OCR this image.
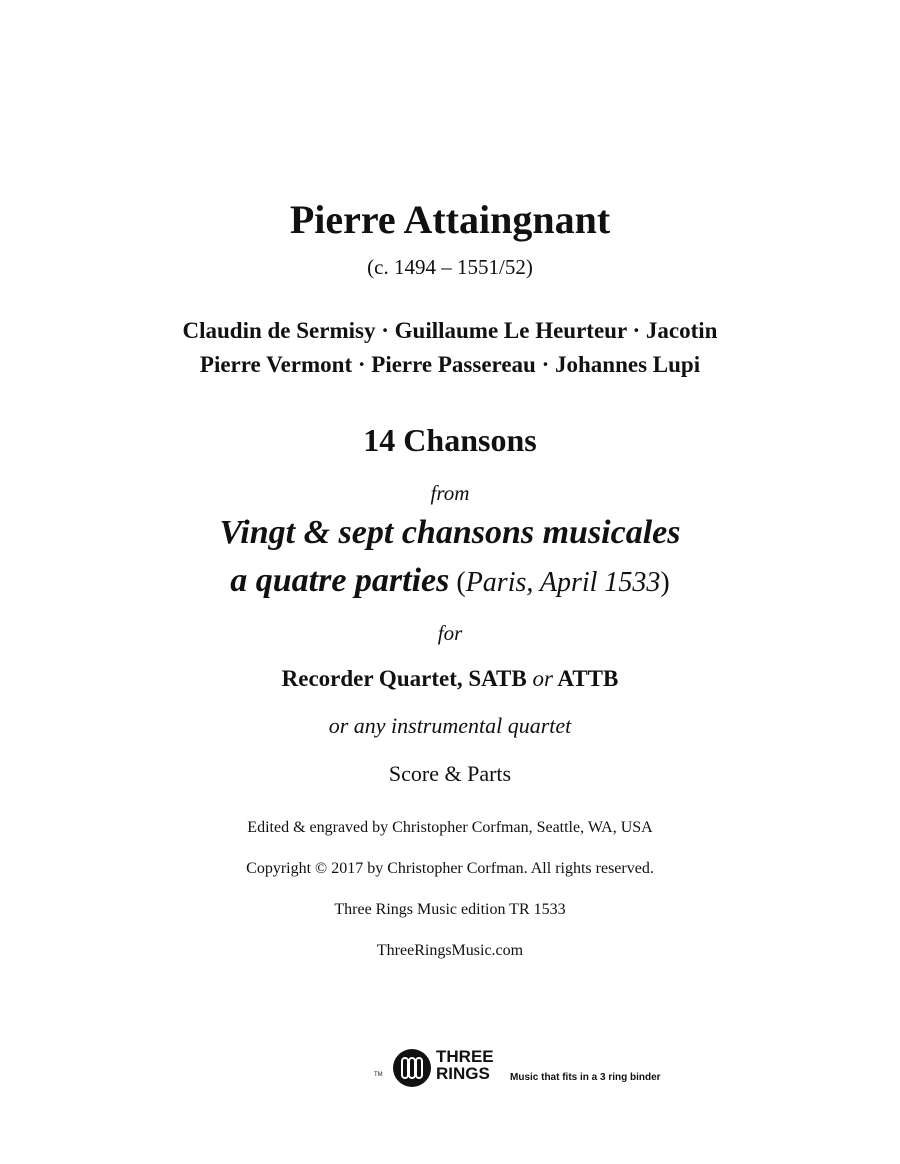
Pierre Attaingnant
(c. 1494 – 1551/52)
Claudin de Sermisy · Guillaume Le Heurteur · Jacotin
Pierre Vermont · Pierre Passereau · Johannes Lupi
14 Chansons
from
Vingt & sept chansons musicales
a quatre parties (Paris, April 1533)
for
Recorder Quartet, SATB or ATTB
or any instrumental quartet
Score & Parts
Edited & engraved by Christopher Corfman, Seattle, WA, USA
Copyright © 2017 by Christopher Corfman. All rights reserved.
Three Rings Music edition TR 1533
ThreeRingsMusic.com
TM
THREE
RINGS	Music that fits in a 3 ring binder
